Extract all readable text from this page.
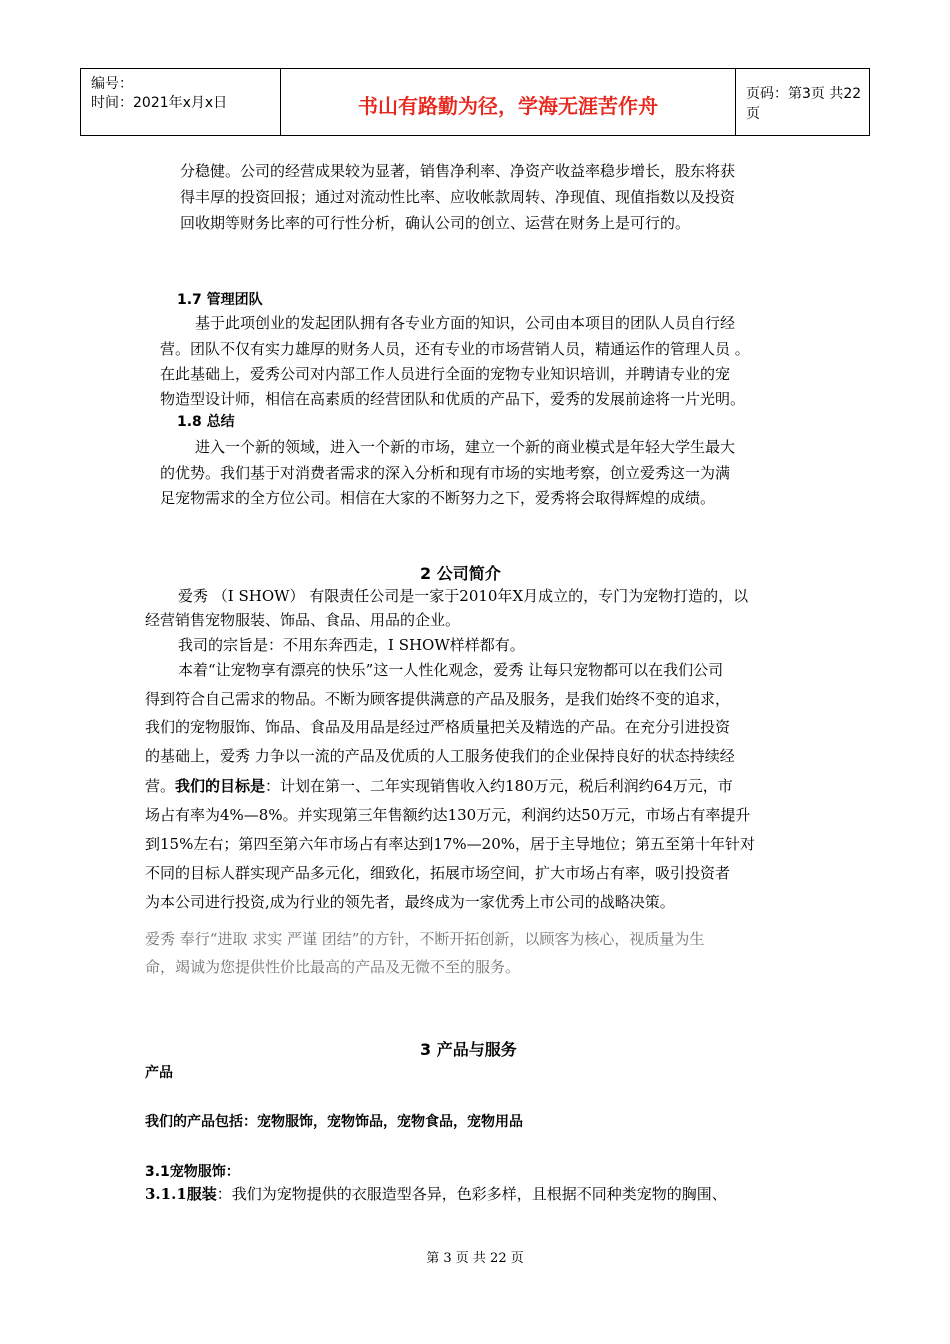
编号：
时间：2021年x月x日	书山有路勤为径，学海无涯苦作舟	页码：第3页 共22页
分稳健。公司的经营成果较为显著，销售净利率、净资产收益率稳步增长，股东将获
得丰厚的投资回报；通过对流动性比率、应收帐款周转、净现值、现值指数以及投资
回收期等财务比率的可行性分析，确认公司的创立、运营在财务上是可行的。
1.7 管理团队
基于此项创业的发起团队拥有各专业方面的知识，公司由本项目的团队人员自行经
营。团队不仅有实力雄厚的财务人员，还有专业的市场营销人员，精通运作的管理人员 。
在此基础上，爱秀公司对内部工作人员进行全面的宠物专业知识培训，并聘请专业的宠
物造型设计师，相信在高素质的经营团队和优质的产品下，爱秀的发展前途将一片光明。
1.8 总结
进入一个新的领域，进入一个新的市场，建立一个新的商业模式是年轻大学生最大
的优势。我们基于对消费者需求的深入分析和现有市场的实地考察，创立爱秀这一为满
足宠物需求的全方位公司。相信在大家的不断努力之下，爱秀将会取得辉煌的成绩。
2 公司简介
爱秀 （I SHOW） 有限责任公司是一家于2010年X月成立的，专门为宠物打造的，以
经营销售宠物服装、饰品、食品、用品的企业。
我司的宗旨是：不用东奔西走，I SHOW样样都有。
本着“让宠物享有漂亮的快乐”这一人性化观念，爱秀 让每只宠物都可以在我们公司
得到符合自己需求的物品。不断为顾客提供满意的产品及服务，是我们始终不变的追求，
我们的宠物服饰、饰品、食品及用品是经过严格质量把关及精选的产品。在充分引进投资
的基础上，爱秀 力争以一流的产品及优质的人工服务使我们的企业保持良好的状态持续经
营。我们的目标是：计划在第一、二年实现销售收入约180万元，税后利润约64万元，市
场占有率为4%—8%。并实现第三年售额约达130万元，利润约达50万元，市场占有率提升
到15%左右；第四至第六年市场占有率达到17%—20%，居于主导地位；第五至第十年针对
不同的目标人群实现产品多元化，细致化，拓展市场空间，扩大市场占有率，吸引投资者
为本公司进行投资,成为行业的领先者，最终成为一家优秀上市公司的战略决策。
爱秀 奉行“进取 求实 严谨 团结”的方针，不断开拓创新，以顾客为核心，视质量为生
命，竭诚为您提供性价比最高的产品及无微不至的服务。
3 产品与服务
产品
我们的产品包括：宠物服饰，宠物饰品，宠物食品，宠物用品
3.1宠物服饰：
3.1.1服装：我们为宠物提供的衣服造型各异，色彩多样，且根据不同种类宠物的胸围、
第 3 页 共 22 页
